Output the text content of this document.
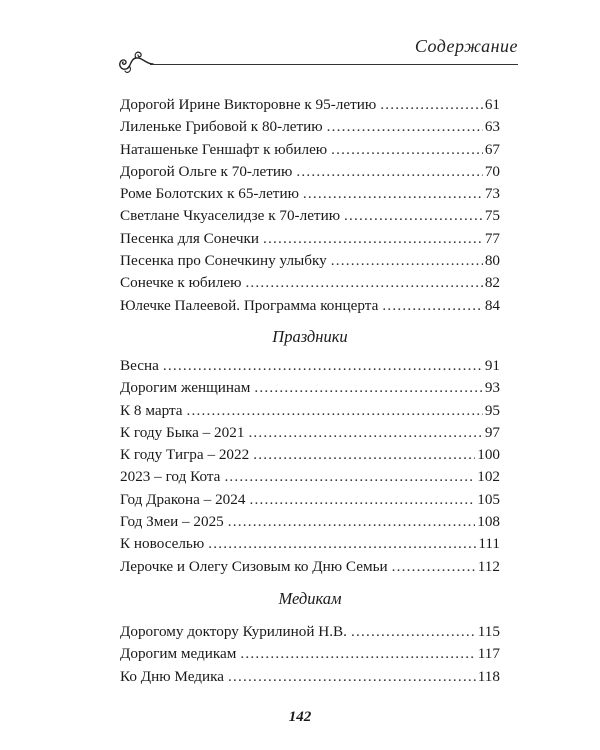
Содержание
Дорогой Ирине Викторовне к 95-летию .....	61
Лиленьке Грибовой к 80-летию .....	63
Наташеньке Геншафт к юбилею .....	67
Дорогой Ольге к 70-летию .....	70
Роме Болотских к 65-летию .....	73
Светлане Чкуаселидзе к 70-летию .....	75
Песенка для Сонечки .....	77
Песенка про Сонечкину улыбку .....	80
Сонечке к юбилею .....	82
Юлечке Палеевой. Программа концерта .....	84
Праздники
Весна .....	91
Дорогим женщинам .....	93
К 8 марта .....	95
К году Быка – 2021 .....	97
К году Тигра – 2022 .....	100
2023 – год Кота .....	102
Год Дракона – 2024 .....	105
Год Змеи – 2025 .....	108
К новоселью .....	111
Лерочке и Олегу Сизовым ко Дню Семьи .....	112
Медикам
Дорогому доктору Курилиной Н.В. .....	115
Дорогим медикам .....	117
Ко Дню Медика .....	118
142
